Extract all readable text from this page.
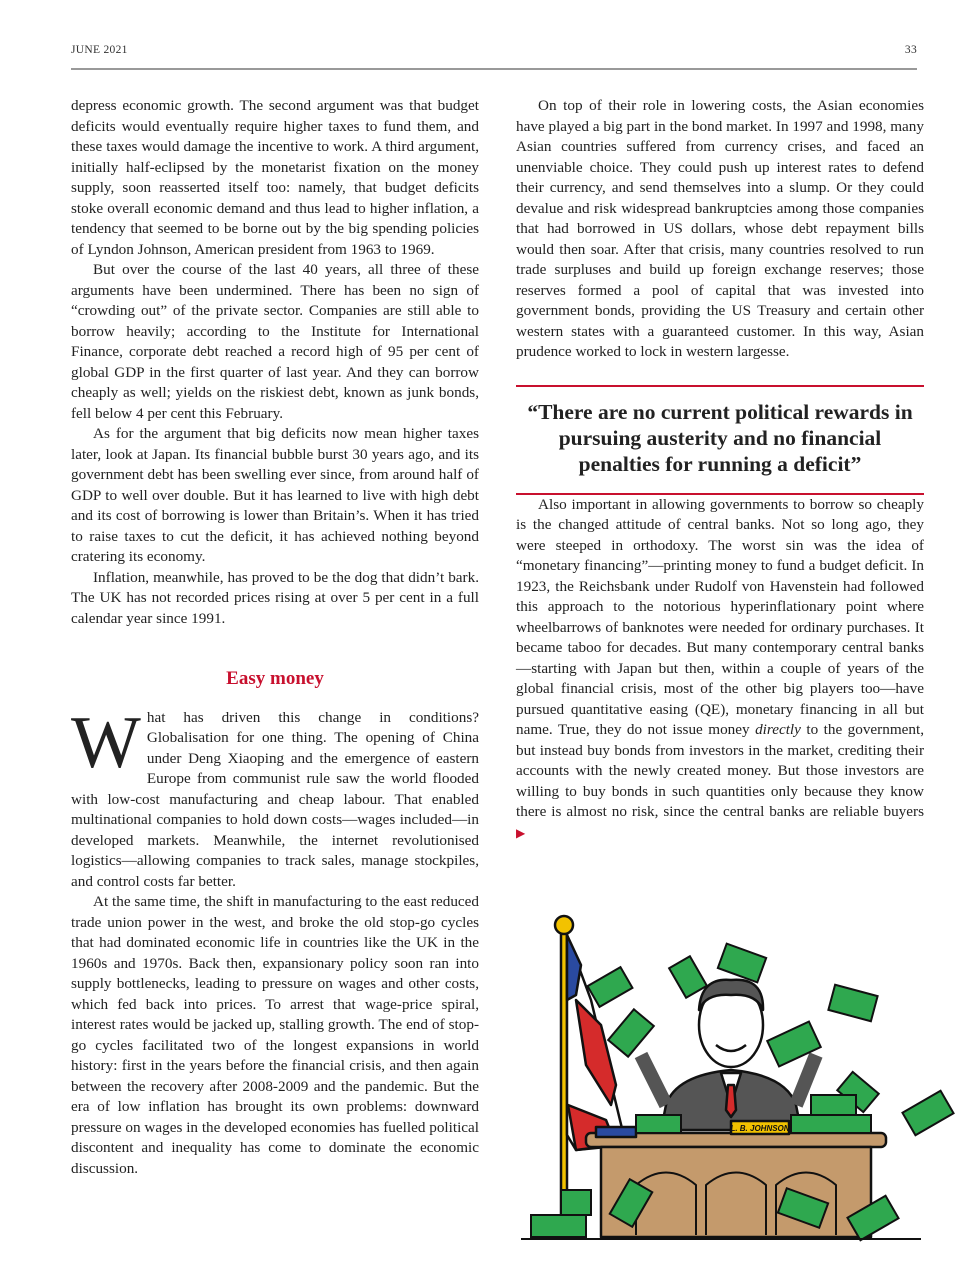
JUNE 2021	33

depress economic growth. The second argument was that budget deficits would eventually require higher taxes to fund them, and these taxes would damage the incentive to work. A third argument, initially half-eclipsed by the monetarist fixation on the money supply, soon reasserted itself too: namely, that budget deficits stoke overall economic demand and thus lead to higher inflation, a tendency that seemed to be borne out by the big spending policies of Lyndon Johnson, American president from 1963 to 1969.

But over the course of the last 40 years, all three of these arguments have been undermined. There has been no sign of “crowding out” of the private sector. Companies are still able to borrow heavily; according to the Institute for International Finance, corporate debt reached a record high of 95 per cent of global GDP in the first quarter of last year. And they can borrow cheaply as well; yields on the riskiest debt, known as junk bonds, fell below 4 per cent this February.

As for the argument that big deficits now mean higher taxes later, look at Japan. Its financial bubble burst 30 years ago, and its government debt has been swelling ever since, from around half of GDP to well over double. But it has learned to live with high debt and its cost of borrowing is lower than Britain’s. When it has tried to raise taxes to cut the deficit, it has achieved nothing beyond cratering its economy.

Inflation, meanwhile, has proved to be the dog that didn’t bark. The UK has not recorded prices rising at over 5 per cent in a full calendar year since 1991.

Easy money

What has driven this change in conditions? Globalisation for one thing. The opening of China under Deng Xiaoping and the emergence of eastern Europe from communist rule saw the world flooded with low-cost manufacturing and cheap labour. That enabled multinational companies to hold down costs—wages included—in developed markets. Meanwhile, the internet revolutionised logistics—allowing companies to track sales, manage stockpiles, and control costs far better.

At the same time, the shift in manufacturing to the east reduced trade union power in the west, and broke the old stop-go cycles that had dominated economic life in countries like the UK in the 1960s and 1970s. Back then, expansionary policy soon ran into supply bottlenecks, leading to pressure on wages and other costs, which fed back into prices. To arrest that wage-price spiral, interest rates would be jacked up, stalling growth. The end of stop-go cycles facilitated two of the longest expansions in world history: first in the years before the financial crisis, and then again between the recovery after 2008-2009 and the pandemic. But the era of low inflation has brought its own problems: downward pressure on wages in the developed economies has fuelled political discontent and inequality has come to dominate the economic discussion.

On top of their role in lowering costs, the Asian economies have played a big part in the bond market. In 1997 and 1998, many Asian countries suffered from currency crises, and faced an unenviable choice. They could push up interest rates to defend their currency, and send themselves into a slump. Or they could devalue and risk widespread bankruptcies among those companies that had borrowed in US dollars, whose debt repayment bills would then soar. After that crisis, many countries resolved to run trade surpluses and build up foreign exchange reserves; those reserves formed a pool of capital that was invested into government bonds, providing the US Treasury and certain other western states with a guaranteed customer. In this way, Asian prudence worked to lock in western largesse.

“There are no current political rewards in pursuing austerity and no financial penalties for running a deficit”

Also important in allowing governments to borrow so cheaply is the changed attitude of central banks. Not so long ago, they were steeped in orthodoxy. The worst sin was the idea of “monetary financing”—printing money to fund a budget deficit. In 1923, the Reichsbank under Rudolf von Havenstein had followed this approach to the notorious hyperinflationary point where wheelbarrows of banknotes were needed for ordinary purchases. It became taboo for decades. But many contemporary central banks—starting with Japan but then, within a couple of years of the global financial crisis, most of the other big players too—have pursued quantitative easing (QE), monetary financing in all but name. True, they do not issue money directly to the government, but instead buy bonds from investors in the market, crediting their accounts with the newly created money. But those investors are willing to buy bonds in such quantities only because they know there is almost no risk, since the central banks are reliable buyers ▶

L. B. JOHNSON
